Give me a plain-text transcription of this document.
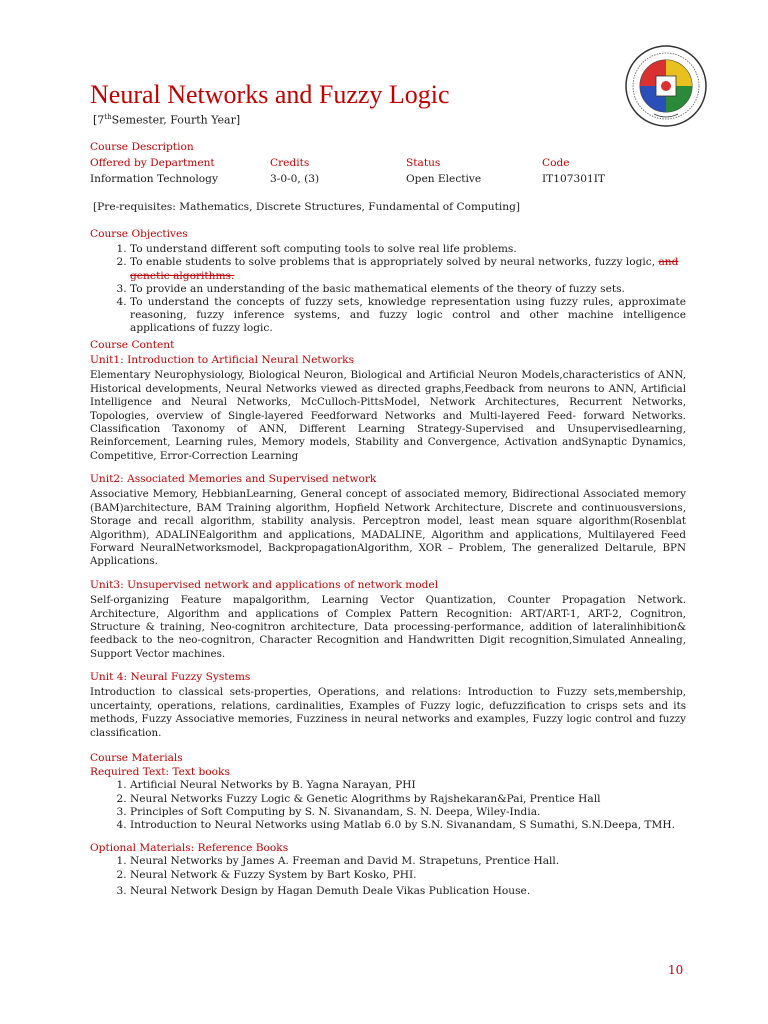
Neural Networks and Fuzzy Logic
[7thSemester, Fourth Year]
Course Description
Offered by Department	Credits	Status	Code
Information Technology	3-0-0, (3)	Open Elective	IT107301IT
[Pre-requisites: Mathematics, Discrete Structures, Fundamental of Computing]
Course Objectives
1. To understand different soft computing tools to solve real life problems.
2. To enable students to solve problems that is appropriately solved by neural networks, fuzzy logic, and genetic algorithms.
3. To provide an understanding of the basic mathematical elements of the theory of fuzzy sets.
4. To understand the concepts of fuzzy sets, knowledge representation using fuzzy rules, approximate reasoning, fuzzy inference systems, and fuzzy logic control and other machine intelligence applications of fuzzy logic.
Course Content
Unit1: Introduction to Artificial Neural Networks
Elementary Neurophysiology, Biological Neuron, Biological and Artificial Neuron Models,characteristics of ANN, Historical developments, Neural Networks viewed as directed graphs,Feedback from neurons to ANN, Artificial Intelligence and Neural Networks, McCulloch-PittsModel, Network Architectures, Recurrent Networks, Topologies, overview of Single-layered Feedforward Networks and Multi-layered Feed- forward Networks. Classification Taxonomy of ANN, Different Learning Strategy-Supervised and Unsupervisedlearning, Reinforcement, Learning rules, Memory models, Stability and Convergence, Activation andSynaptic Dynamics, Competitive, Error-Correction Learning
Unit2: Associated Memories and Supervised network
Associative Memory, HebbianLearning, General concept of associated memory, Bidirectional Associated memory (BAM)architecture, BAM Training algorithm, Hopfield Network Architecture, Discrete and continuousversions, Storage and recall algorithm, stability analysis. Perceptron model, least mean square algorithm(Rosenblat Algorithm), ADALINEalgorithm and applications, MADALINE, Algorithm and applications, Multilayered Feed Forward NeuralNetworksmodel, BackpropagationAlgorithm, XOR – Problem, The generalized Deltarule, BPN Applications.
Unit3: Unsupervised network and applications of network model
Self-organizing Feature mapalgorithm, Learning Vector Quantization, Counter Propagation Network. Architecture, Algorithm and applications of Complex Pattern Recognition: ART/ART-1, ART-2, Cognitron, Structure & training, Neo-cognitron architecture, Data processing-performance, addition of lateralinhibition& feedback to the neo-cognitron, Character Recognition and Handwritten Digit recognition,Simulated Annealing, Support Vector machines.
Unit 4: Neural Fuzzy Systems
Introduction to classical sets-properties, Operations, and relations: Introduction to Fuzzy sets,membership, uncertainty, operations, relations, cardinalities, Examples of Fuzzy logic, defuzzification to crisps sets and its methods, Fuzzy Associative memories, Fuzziness in neural networks and examples, Fuzzy logic control and fuzzy classification.
Course Materials
Required Text: Text books
1. Artificial Neural Networks by B. Yagna Narayan, PHI
2. Neural Networks Fuzzy Logic & Genetic Alogrithms by Rajshekaran&Pai, Prentice Hall
3. Principles of Soft Computing by S. N. Sivanandam, S. N. Deepa, Wiley-India.
4. Introduction to Neural Networks using Matlab 6.0 by S.N. Sivanandam, S Sumathi, S.N.Deepa, TMH.
Optional Materials: Reference Books
1. Neural Networks by James A. Freeman and David M. Strapetuns, Prentice Hall.
2. Neural Network & Fuzzy System by Bart Kosko, PHI.
3. Neural Network Design by Hagan Demuth Deale Vikas Publication House.
10
